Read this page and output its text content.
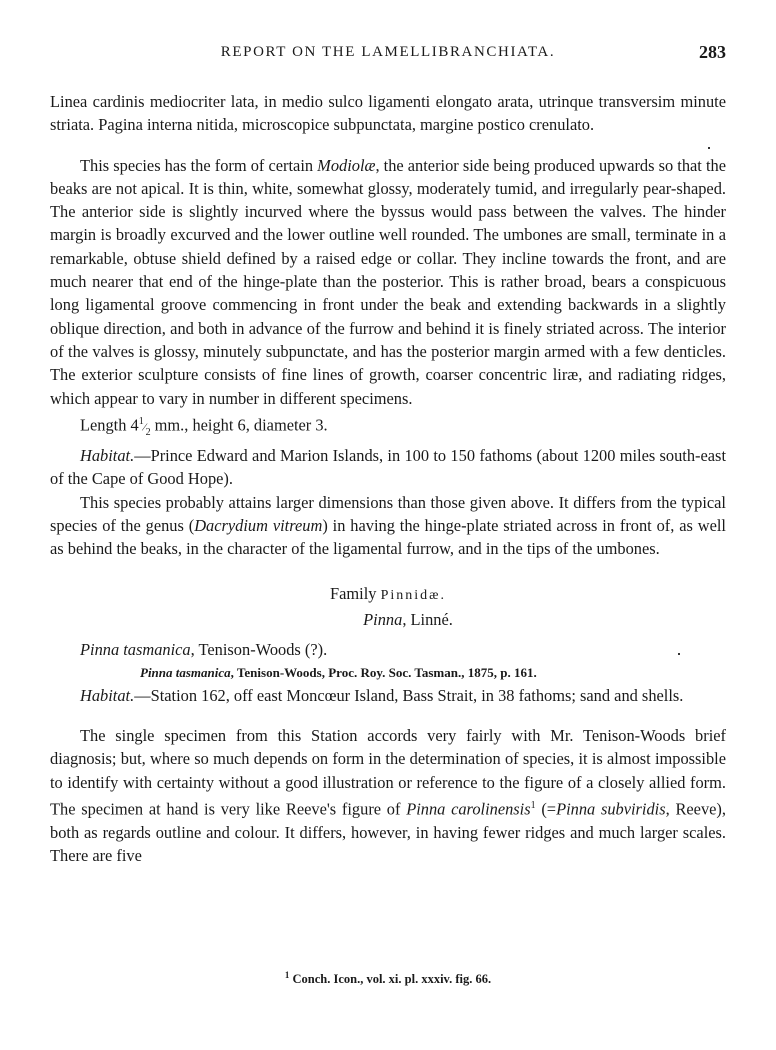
REPORT ON THE LAMELLIBRANCHIATA.	283

Linea cardinis mediocriter lata, in medio sulco ligamenti elongato arata, utrinque transversim minute striata. Pagina interna nitida, microscopice subpunctata, margine postico crenulato.

This species has the form of certain Modiolæ, the anterior side being produced upwards so that the beaks are not apical. It is thin, white, somewhat glossy, moderately tumid, and irregularly pear-shaped. The anterior side is slightly incurved where the byssus would pass between the valves. The hinder margin is broadly excurved and the lower outline well rounded. The umbones are small, terminate in a remarkable, obtuse shield defined by a raised edge or collar. They incline towards the front, and are much nearer that end of the hinge-plate than the posterior. This is rather broad, bears a conspicuous long ligamental groove commencing in front under the beak and extending backwards in a slightly oblique direction, and both in advance of the furrow and behind it is finely striated across. The interior of the valves is glossy, minutely subpunctate, and has the posterior margin armed with a few denticles. The exterior sculpture consists of fine lines of growth, coarser concentric liræ, and radiating ridges, which appear to vary in number in different specimens.

Length $4^1⁄_2$ mm., height 6, diameter 3.

Habitat.—Prince Edward and Marion Islands, in 100 to 150 fathoms (about 1200 miles south-east of the Cape of Good Hope).

This species probably attains larger dimensions than those given above. It differs from the typical species of the genus (Dacrydium vitreum) in having the hinge-plate striated across in front of, as well as behind the beaks, in the character of the ligamental furrow, and in the tips of the umbones.

Family Pinnidæ.
Pinna, Linné.

Pinna tasmanica, Tenison-Woods (?).

Pinna tasmanica, Tenison-Woods, Proc. Roy. Soc. Tasman., 1875, p. 161.

Habitat.—Station 162, off east Moncœur Island, Bass Strait, in 38 fathoms; sand and shells.

The single specimen from this Station accords very fairly with Mr. Tenison-Woods brief diagnosis; but, where so much depends on form in the determination of species, it is almost impossible to identify with certainty without a good illustration or reference to the figure of a closely allied form. The specimen at hand is very like Reeve's figure of Pinna carolinensis$^1$ (=Pinna subviridis, Reeve), both as regards outline and colour. It differs, however, in having fewer ridges and much larger scales. There are five

$^1$ Conch. Icon., vol. xi. pl. xxxiv. fig. 66.
